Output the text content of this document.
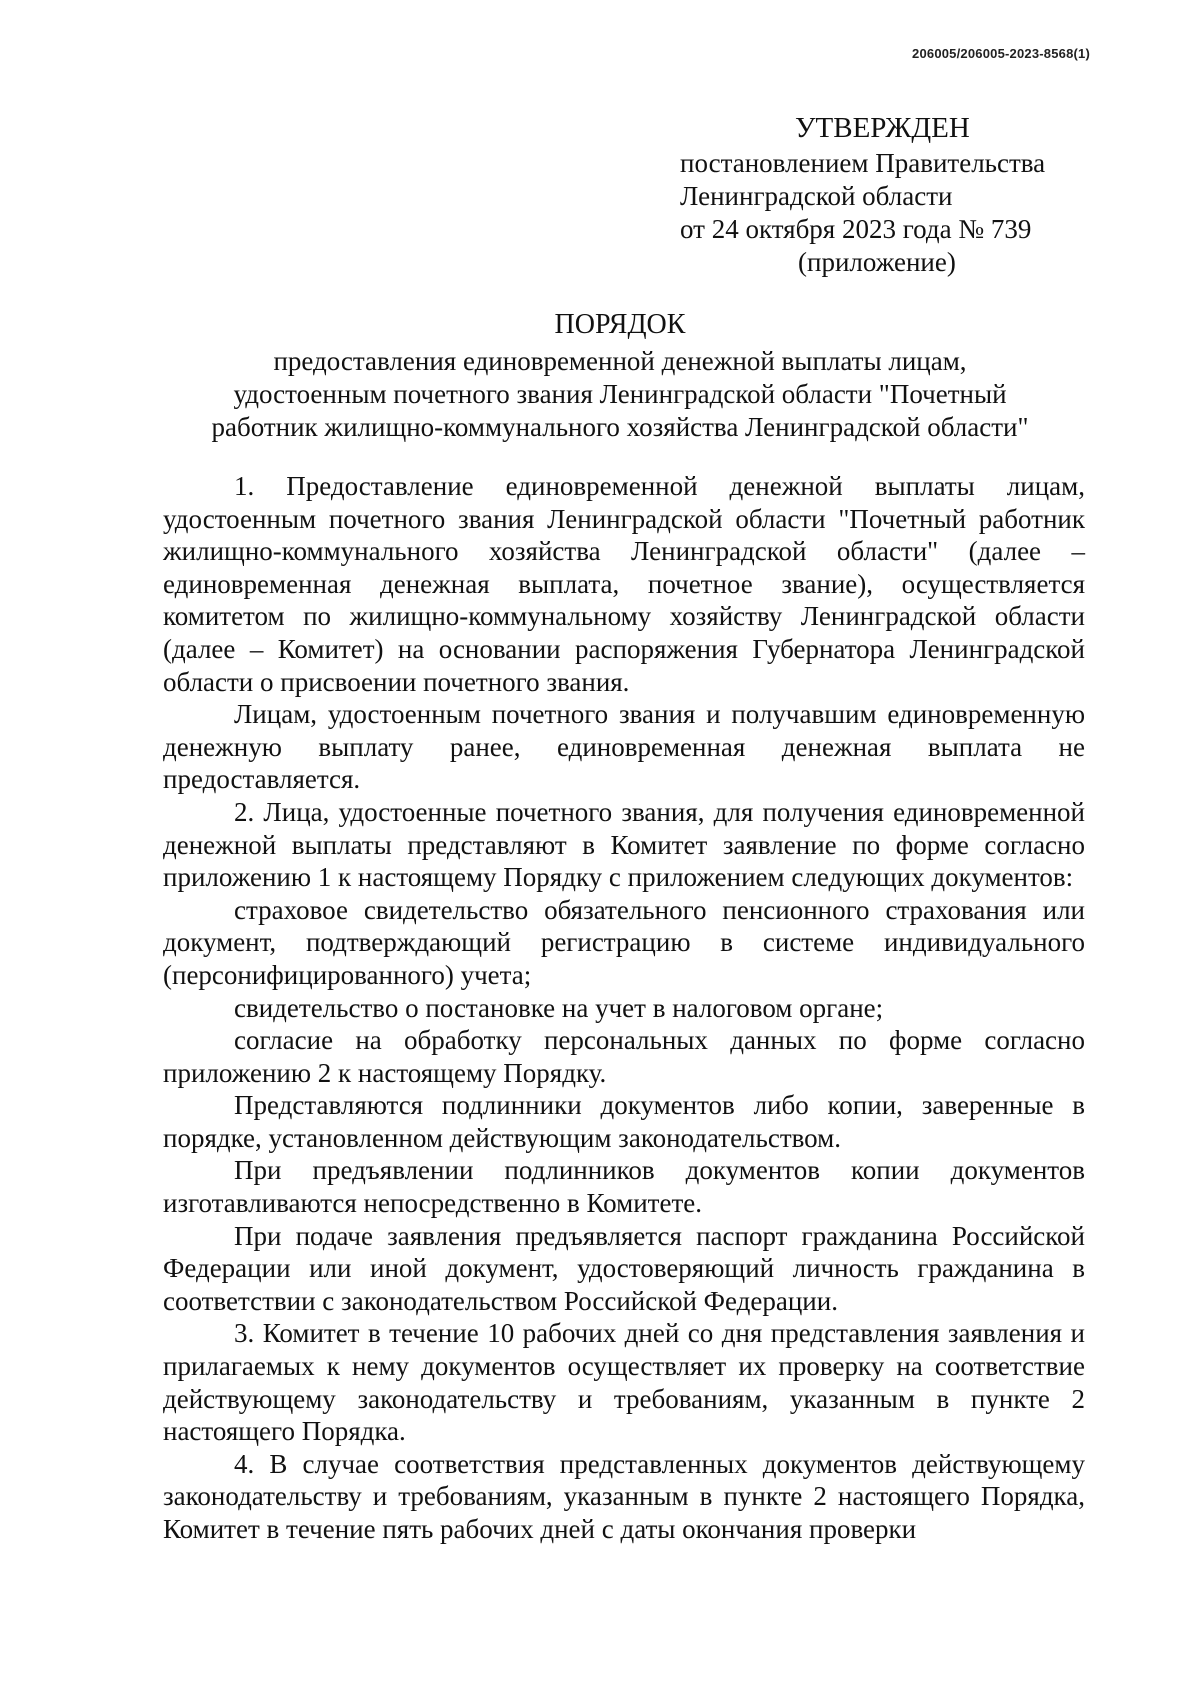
206005/206005-2023-8568(1)
УТВЕРЖДЕН
постановлением Правительства
Ленинградской области
от 24 октября 2023 года № 739
(приложение)
ПОРЯДОК
предоставления единовременной денежной выплаты лицам,
удостоенным почетного звания Ленинградской области "Почетный
работник жилищно-коммунального хозяйства Ленинградской области"

1. Предоставление единовременной денежной выплаты лицам, удостоенным почетного звания Ленинградской области "Почетный работник жилищно-коммунального хозяйства Ленинградской области" (далее – единовременная денежная выплата, почетное звание), осуществляется комитетом по жилищно-коммунальному хозяйству Ленинградской области (далее – Комитет) на основании распоряжения Губернатора Ленинградской области о присвоении почетного звания.

Лицам, удостоенным почетного звания и получавшим единовременную денежную выплату ранее, единовременная денежная выплата не предоставляется.

2. Лица, удостоенные почетного звания, для получения единовременной денежной выплаты представляют в Комитет заявление по форме согласно приложению 1 к настоящему Порядку с приложением следующих документов:

страховое свидетельство обязательного пенсионного страхования или документ, подтверждающий регистрацию в системе индивидуального (персонифицированного) учета;

свидетельство о постановке на учет в налоговом органе;

согласие на обработку персональных данных по форме согласно приложению 2 к настоящему Порядку.

Представляются подлинники документов либо копии, заверенные в порядке, установленном действующим законодательством.

При предъявлении подлинников документов копии документов изготавливаются непосредственно в Комитете.

При подаче заявления предъявляется паспорт гражданина Российской Федерации или иной документ, удостоверяющий личность гражданина в соответствии с законодательством Российской Федерации.

3. Комитет в течение 10 рабочих дней со дня представления заявления и прилагаемых к нему документов осуществляет их проверку на соответствие действующему законодательству и требованиям, указанным в пункте 2 настоящего Порядка.

4. В случае соответствия представленных документов действующему законодательству и требованиям, указанным в пункте 2 настоящего Порядка, Комитет в течение пять рабочих дней с даты окончания проверки
